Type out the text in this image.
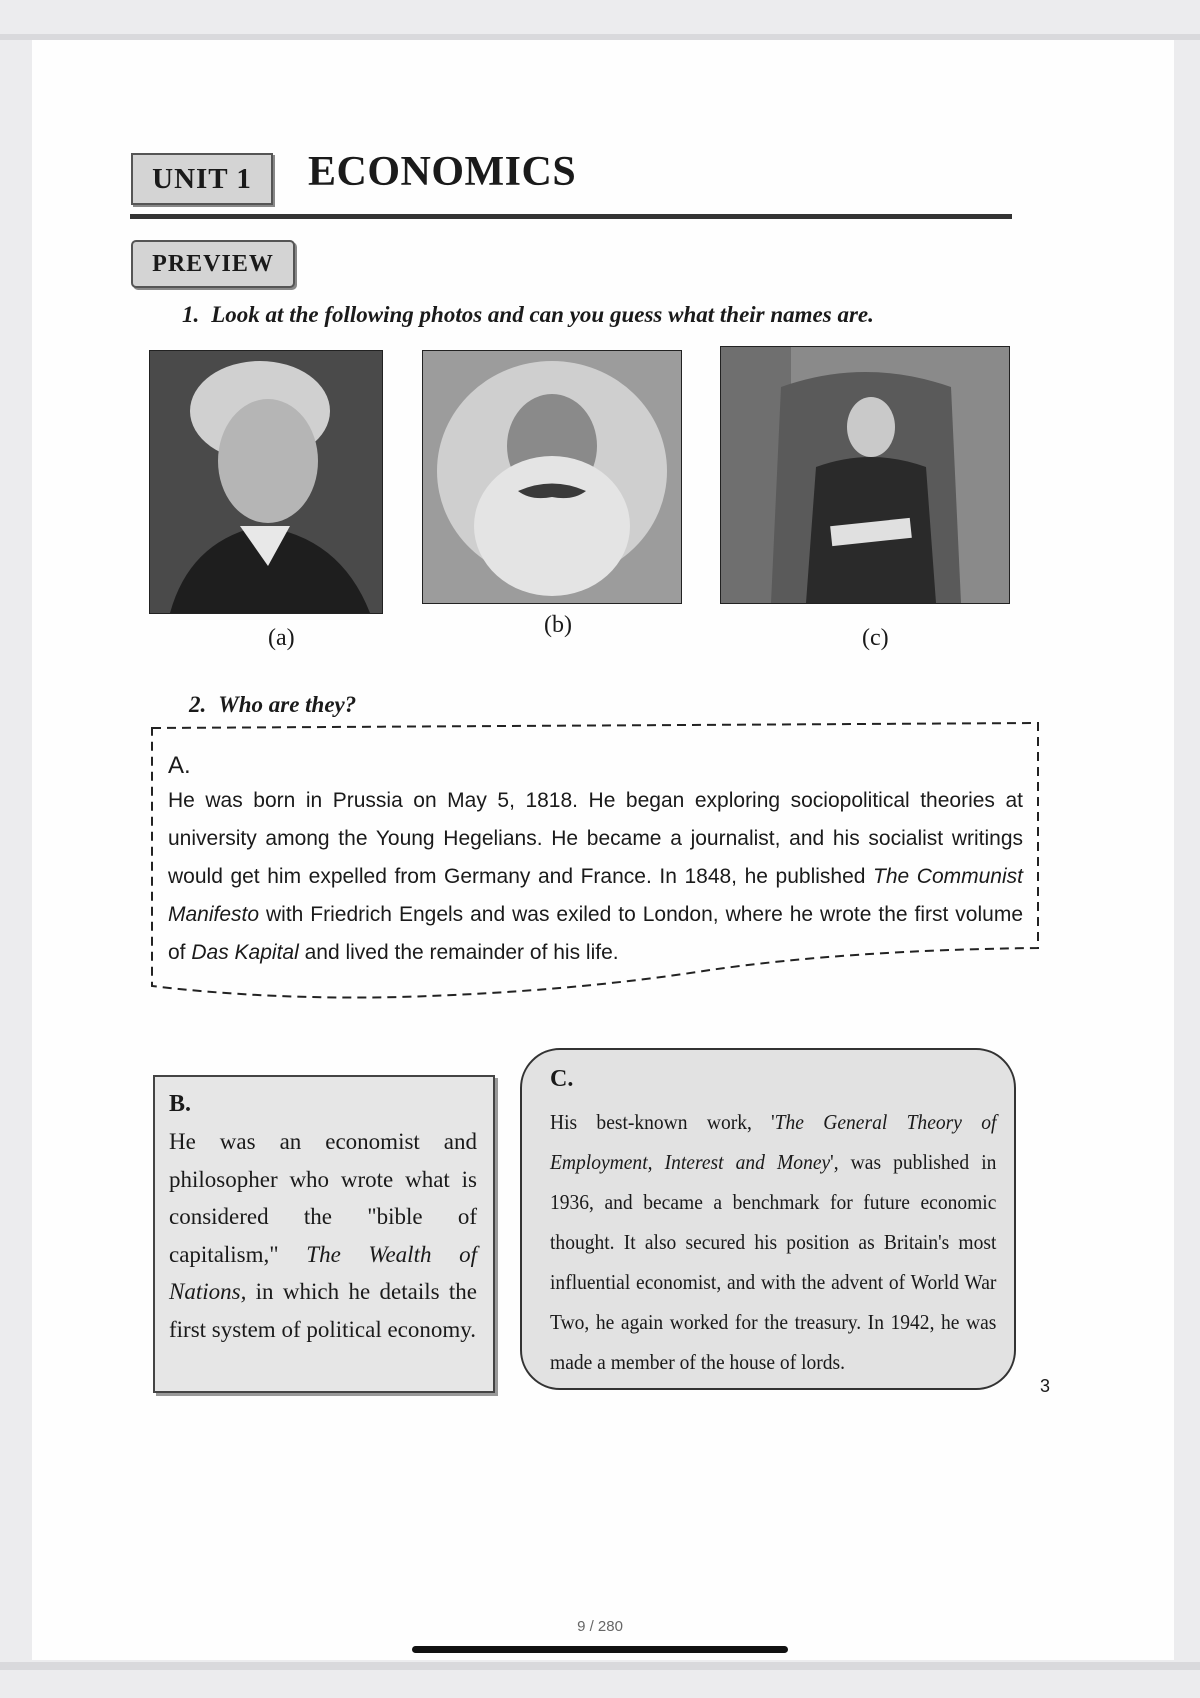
UNIT 1	ECONOMICS
PREVIEW
1. Look at the following photos and can you guess what their names are.
(a)	(b)	(c)
2. Who are they?
A.
He was born in Prussia on May 5, 1818. He began exploring sociopolitical theories at university among the Young Hegelians. He became a journalist, and his socialist writings would get him expelled from Germany and France. In 1848, he published The Communist Manifesto with Friedrich Engels and was exiled to London, where he wrote the first volume of Das Kapital and lived the remainder of his life.
B.
He was an economist and philosopher who wrote what is considered the "bible of capitalism," The Wealth of Nations, in which he details the first system of political economy.
C.
His best-known work, 'The General Theory of Employment, Interest and Money', was published in 1936, and became a benchmark for future economic thought. It also secured his position as Britain's most influential economist, and with the advent of World War Two, he again worked for the treasury. In 1942, he was made a member of the house of lords.
3
9 / 280
